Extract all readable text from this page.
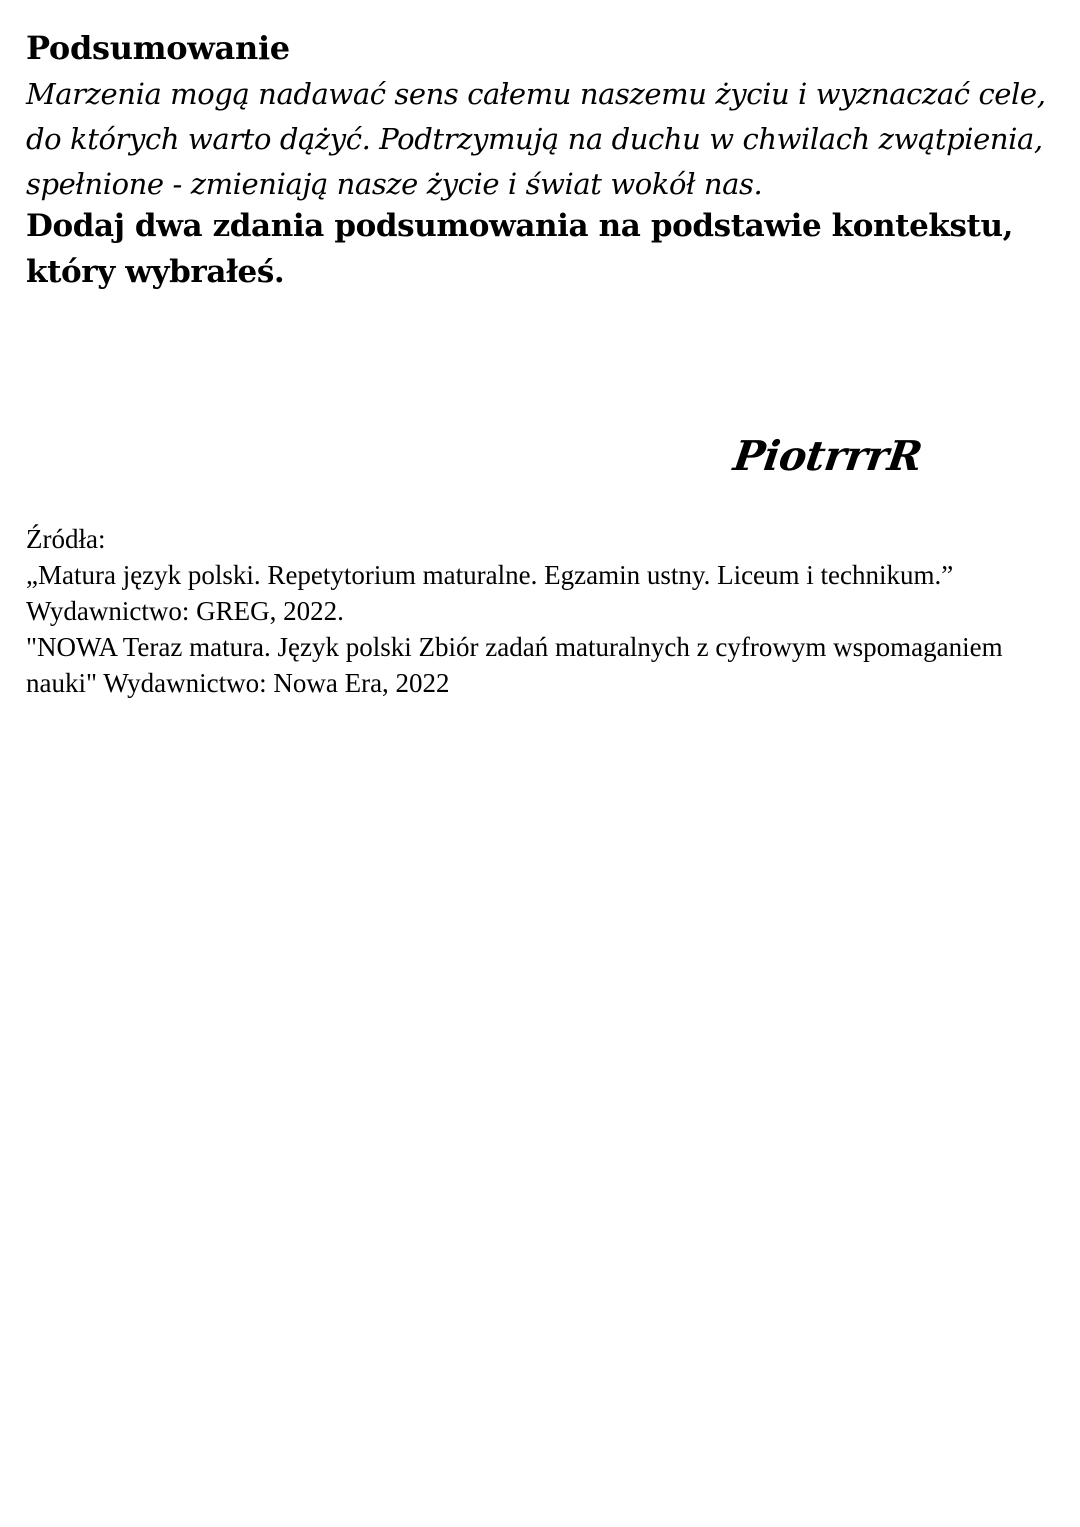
Podsumowanie

Marzenia mogą nadawać sens całemu naszemu życiu i wyznaczać cele, do których warto dążyć. Podtrzymują na duchu w chwilach zwątpienia, spełnione - zmieniają nasze życie i świat wokół nas.

Dodaj dwa zdania podsumowania na podstawie kontekstu, który wybrałeś.

PiotrrrR
Źródła:
„Matura język polski. Repetytorium maturalne. Egzamin ustny. Liceum i technikum.” Wydawnictwo: GREG, 2022.
"NOWA Teraz matura. Język polski Zbiór zadań maturalnych z cyfrowym wspomaganiem nauki" Wydawnictwo: Nowa Era, 2022
